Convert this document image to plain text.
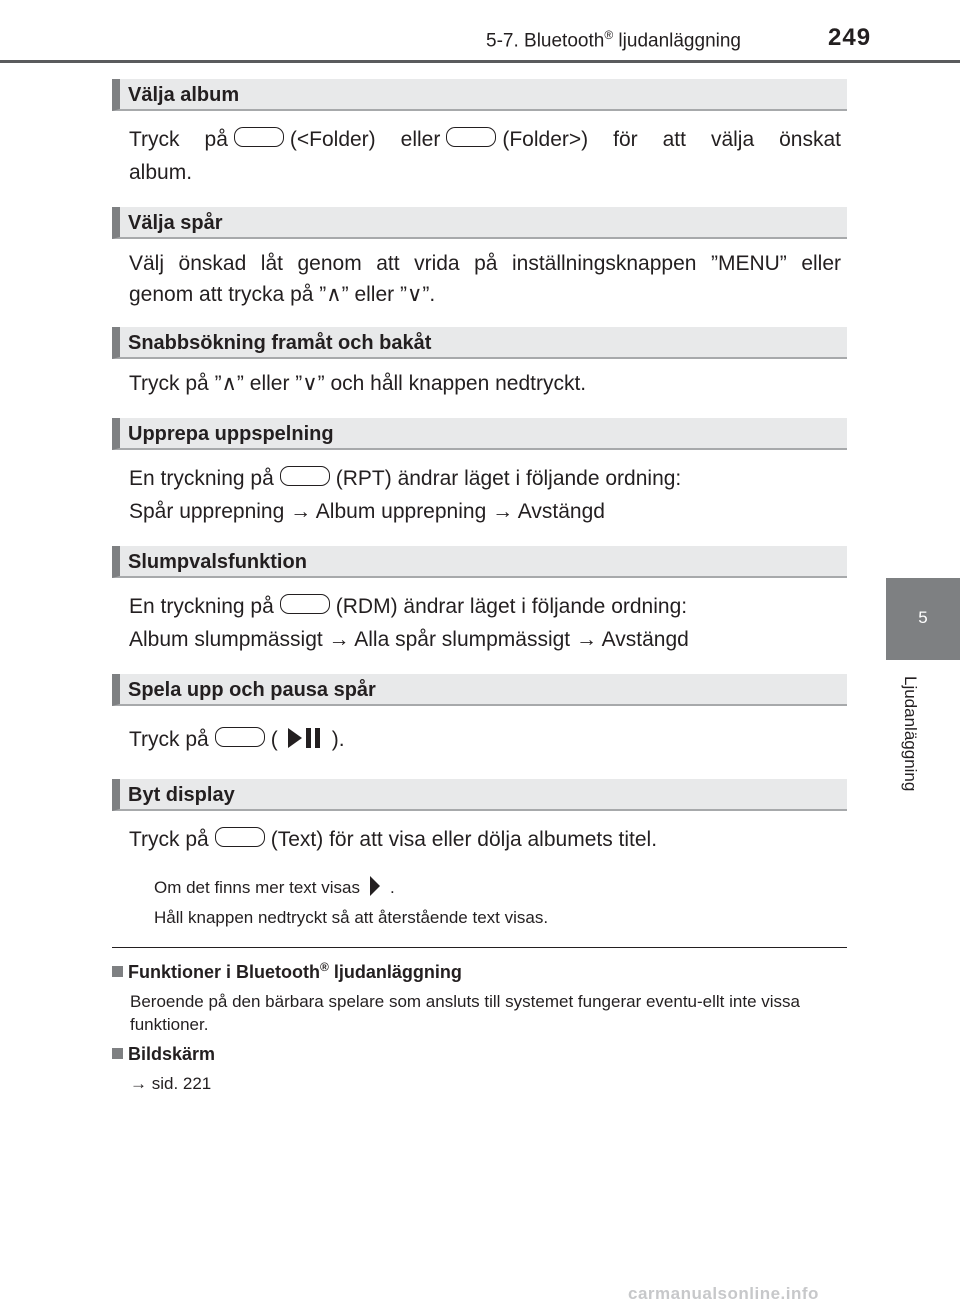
5-7. Bluetooth® ljudanläggning	249
5
Ljudanläggning
Välja album
Tryck på	(<Folder) eller	(Folder>) för att välja önskat
album.
Välja spår
Välj önskad låt genom att vrida på inställningsknappen ”MENU” eller
genom att trycka på ”∧” eller ”∨”.
Snabbsökning framåt och bakåt
Tryck på ”∧” eller ”∨” och håll knappen nedtryckt.
Upprepa uppspelning
En tryckning på	(RPT) ändrar läget i följande ordning:
Spår upprepning → Album upprepning → Avstängd
Slumpvalsfunktion
En tryckning på	(RDM) ändrar läget i följande ordning:
Album slumpmässigt → Alla spår slumpmässigt → Avstängd
Spela upp och pausa spår
Tryck på	(	).
Byt display
Tryck på	(Text) för att visa eller dölja albumets titel.
Om det finns mer text visas .
Håll knappen nedtryckt så att återstående text visas.
Funktioner i Bluetooth® ljudanläggning
Beroende på den bärbara spelare som ansluts till systemet fungerar eventu-ellt inte vissa funktioner.
Bildskärm
→ sid. 221
carmanualsonline.info
